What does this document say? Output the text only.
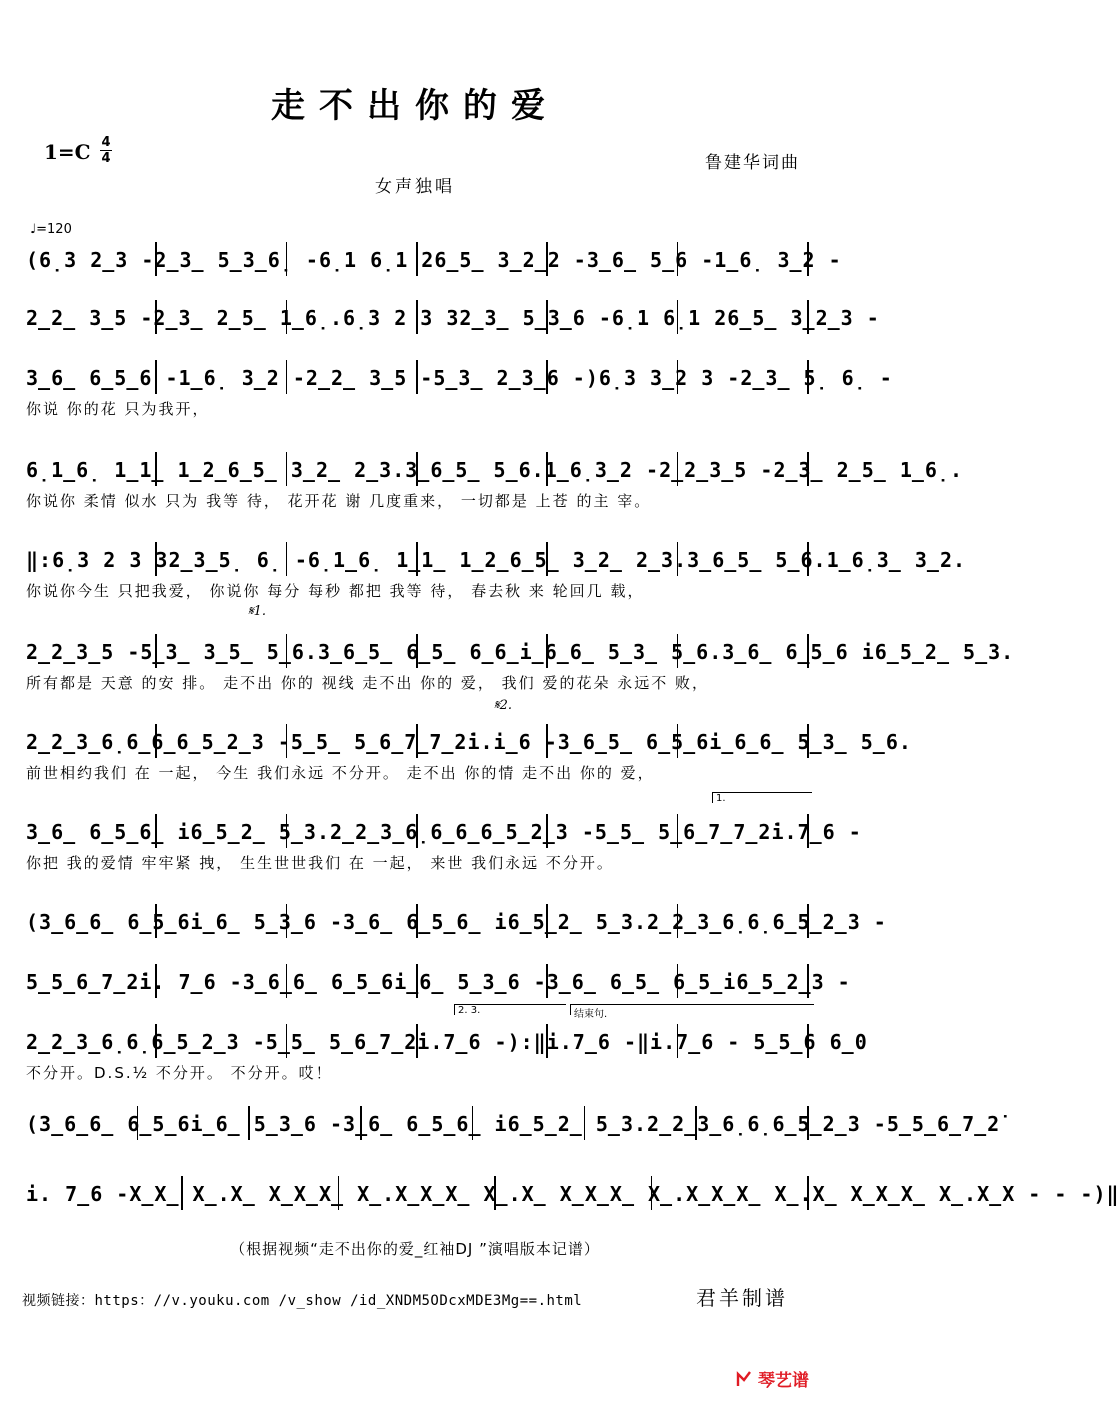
走不出你的爱
1=C 4
4	鲁建华词曲
女声独唱
♩=120
(6̣3 2̲3 - 2̲3̲ 5̲3̲6̣ - 6̣1 6̣1 2 6̲5̲ 3̲2̲2 - 3̲6̲ 5̲6 - 1̲6̣ 3̲2 -
2̲2̲ 3̲5 - 2̲3̲ 2̲5̲ 1̲6̣. 6̣3 2 3 3 2̲3̲ 5̲3̲6 - 6̣1 6̣1 2 6̲5̲ 3̲2̲3 -
3̲6̲ 6̲5̲6 - 1̲6̣ 3̲2 - 2̲2̲ 3̲5 - 5̲3̲ 2̲3̲6 -) 6̣3 3̲2 3 - 2̲3̲ 5̣ 6̣ -
你说 你的花 只为我开，
6̣1̲6̣ 1̲1̲ 1̲2̲ 6̲5̲ 3̲2̲ 2̲3. 3̲6̲5̲ 5̲6. 1̲6̣3̲2 - 2̲2̲3̲5 - 2̲3̲ 2̲5̲ 1̲6̣.
你说你 柔情 似水 只为 我等 待， 花开花 谢 几度重来， 一切都是 上苍 的主 宰。
‖:6̣3 2 3 3 2̲3̲5̣ 6̣ - 6̣1̲6̣ 1̲1̲ 1̲2̲ 6̲5̲ 3̲2̲ 2̲3. 3̲6̲5̲ 5̲6. 1̲6̣3̲ 3̲2.
你说你今生 只把我爱， 你说你 每分 每秒 都把 我等 待， 春去秋 来 轮回几 载，
2̲2̲3̲5 - 5̲3̲ 3̲5̲ 5̲6. 3̲6̲5̲ 6̲5̲ 6̲6̲ i̲6̲6̲ 5̲3̲ 5̲6. 3̲6̲ 6̲5̲6 i 6̲5̲2̲ 5̲3.
所有都是 天意 的安 排。 走不出 你的 视线 走不出 你的 爱， 我们 爱的花朵 永远不 败，
2̲2̲3̲6̣6̲6̲ 6̲5̲2̲3 - 5̲5̲ 5̲6̲7̲7̲2̇ i.i̲6 - 3̲6̲5̲ 6̲5̲6 i̲6̲6̲ 5̲3̲ 5̲6.
前世相约我们 在 一起， 今生 我们永远 不分开。 走不出 你的情 走不出 你的 爱，
3̲6̲ 6̲5̲6̲ i 6̲5̲2̲ 5̲3. 2̲2̲3̲6̣6̲6̲ 6̲5̲2̲3 - 5̲5̲ 5̲6̲7̲7̲2̇ i.7̲6 -
你把 我的爱情 牢牢紧 拽， 生生世世我们 在 一起， 来世 我们永远 不分开。
(3̲6̲6̲ 6̲5̲6 i̲6̲ 5̲3̲6 - 3̲6̲ 6̲5̲6̲ i 6̲5̲2̲ 5̲3. 2̲2̲3̲6̣6̣ 6̲5̲2̲3 -
5̲5̲6̲7̲2̇ i. 7̲6 - 3̲6̲6̲ 6̲5̲6 i̲6̲ 5̲3̲6 - 3̲6̲ 6̲5̲ 6̲5̲i 6̲5̲2̲3 -
2̲2̲3̲6̣6̣ 6̲5̲2̲3 - 5̲5̲ 5̲6̲7̲2̇ i.7̲6 -):‖ i.7̲6 -‖ i.7̲6 - 5̲5̲6 6̲0
不分开。D.S.½ 不分开。 不分开。哎！
(3̲6̲6̲ 6̲5̲6 i̲6̲ 5̲3̲6 - 3̲6̲ 6̲5̲6̲ i 6̲5̲2̲ 5̲3. 2̲2̲3̲6̣6̣ 6̲5̲2̲3 - 5̲5̲6̲7̲2̇
i. 7̲6 - X̲X̲ X̲.X̲ X̲X̲X̲ X̲.X̲ X̲X̲ X̲.X̲ X̲X̲X̲ X̲.X̲ X̲X̲ X̲.X̲ X̲X̲X̲ X̲.X̲ X - - -)‖
𝄋1.
𝄋2.
1.
2. 3.	结束句.
（根据视频“走不出你的爱_红袖DJ ”演唱版本记谱）
视频链接：https：//v.youku.com /v_show /id_XNDM5ODcxMDE3Mg==.html	君羊制谱
琴艺谱
